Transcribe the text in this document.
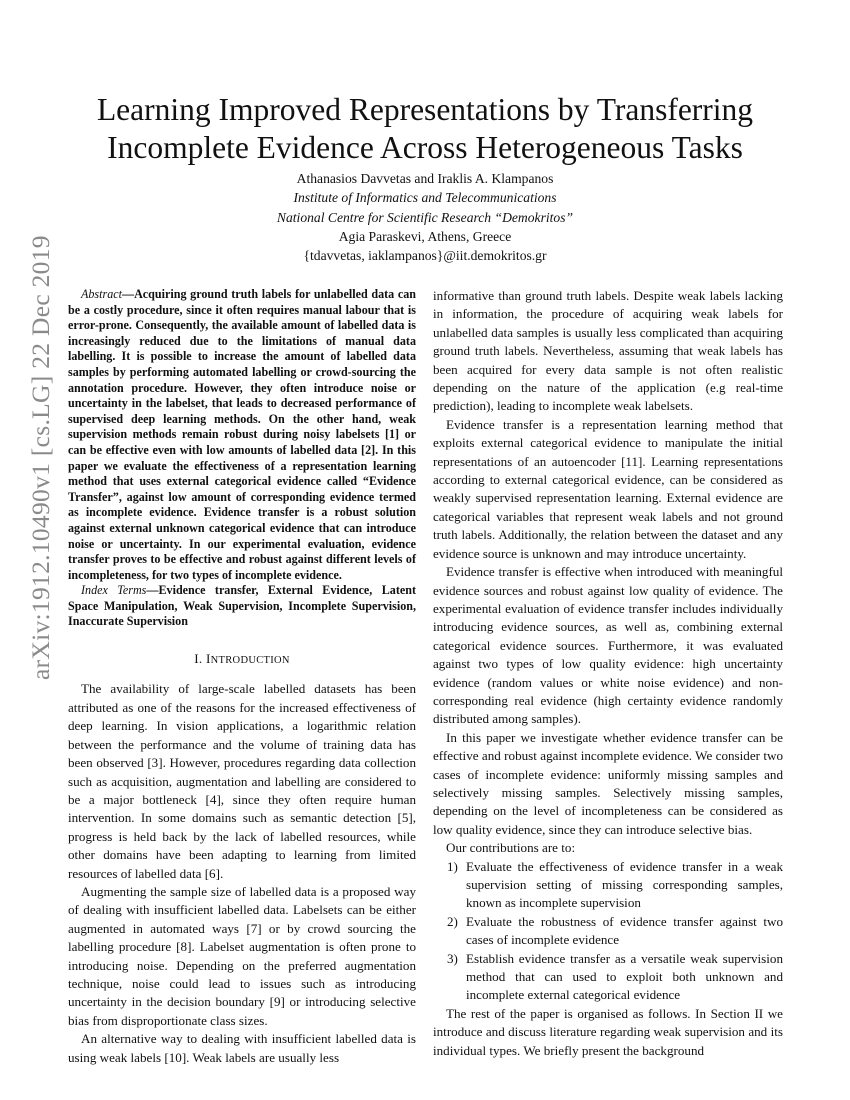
arXiv:1912.10490v1 [cs.LG] 22 Dec 2019
Learning Improved Representations by Transferring
Incomplete Evidence Across Heterogeneous Tasks
Athanasios Davvetas and Iraklis A. Klampanos
Institute of Informatics and Telecommunications
National Centre for Scientific Research “Demokritos”
Agia Paraskevi, Athens, Greece
{tdavvetas, iaklampanos}@iit.demokritos.gr

Abstract—Acquiring ground truth labels for unlabelled data can be a costly procedure, since it often requires manual labour that is error-prone. Consequently, the available amount of labelled data is increasingly reduced due to the limitations of manual data labelling. It is possible to increase the amount of labelled data samples by performing automated labelling or crowd-sourcing the annotation procedure. However, they often introduce noise or uncertainty in the labelset, that leads to decreased performance of supervised deep learning methods. On the other hand, weak supervision methods remain robust during noisy labelsets [1] or can be effective even with low amounts of labelled data [2]. In this paper we evaluate the effectiveness of a representation learning method that uses external categorical evidence called “Evidence Transfer”, against low amount of corresponding evidence termed as incomplete evidence. Evidence transfer is a robust solution against external unknown categorical evidence that can introduce noise or uncertainty. In our experimental evaluation, evidence transfer proves to be effective and robust against different levels of incompleteness, for two types of incomplete evidence.

Index Terms—Evidence transfer, External Evidence, Latent Space Manipulation, Weak Supervision, Incomplete Supervision, Inaccurate Supervision

I. INTRODUCTION

The availability of large-scale labelled datasets has been attributed as one of the reasons for the increased effectiveness of deep learning. In vision applications, a logarithmic relation between the performance and the volume of training data has been observed [3]. However, procedures regarding data collection such as acquisition, augmentation and labelling are considered to be a major bottleneck [4], since they often require human intervention. In some domains such as semantic detection [5], progress is held back by the lack of labelled resources, while other domains have been adapting to learning from limited resources of labelled data [6].

Augmenting the sample size of labelled data is a proposed way of dealing with insufficient labelled data. Labelsets can be either augmented in automated ways [7] or by crowd sourcing the labelling procedure [8]. Labelset augmentation is often prone to introducing noise. Depending on the preferred augmentation technique, noise could lead to issues such as introducing uncertainty in the decision boundary [9] or introducing selective bias from disproportionate class sizes.

An alternative way to dealing with insufficient labelled data is using weak labels [10]. Weak labels are usually less

informative than ground truth labels. Despite weak labels lacking in information, the procedure of acquiring weak labels for unlabelled data samples is usually less complicated than acquiring ground truth labels. Nevertheless, assuming that weak labels has been acquired for every data sample is not often realistic depending on the nature of the application (e.g real-time prediction), leading to incomplete weak labelsets.

Evidence transfer is a representation learning method that exploits external categorical evidence to manipulate the initial representations of an autoencoder [11]. Learning representations according to external categorical evidence, can be considered as weakly supervised representation learning. External evidence are categorical variables that represent weak labels and not ground truth labels. Additionally, the relation between the dataset and any evidence source is unknown and may introduce uncertainty.

Evidence transfer is effective when introduced with meaningful evidence sources and robust against low quality of evidence. The experimental evaluation of evidence transfer includes individually introducing evidence sources, as well as, combining external categorical evidence sources. Furthermore, it was evaluated against two types of low quality evidence: high uncertainty evidence (random values or white noise evidence) and non-corresponding real evidence (high certainty evidence randomly distributed among samples).

In this paper we investigate whether evidence transfer can be effective and robust against incomplete evidence. We consider two cases of incomplete evidence: uniformly missing samples and selectively missing samples. Selectively missing samples, depending on the level of incompleteness can be considered as low quality evidence, since they can introduce selective bias.

Our contributions are to:

1) Evaluate the effectiveness of evidence transfer in a weak supervision setting of missing corresponding samples, known as incomplete supervision
2) Evaluate the robustness of evidence transfer against two cases of incomplete evidence
3) Establish evidence transfer as a versatile weak supervision method that can used to exploit both unknown and incomplete external categorical evidence

The rest of the paper is organised as follows. In Section II we introduce and discuss literature regarding weak supervision and its individual types. We briefly present the background
